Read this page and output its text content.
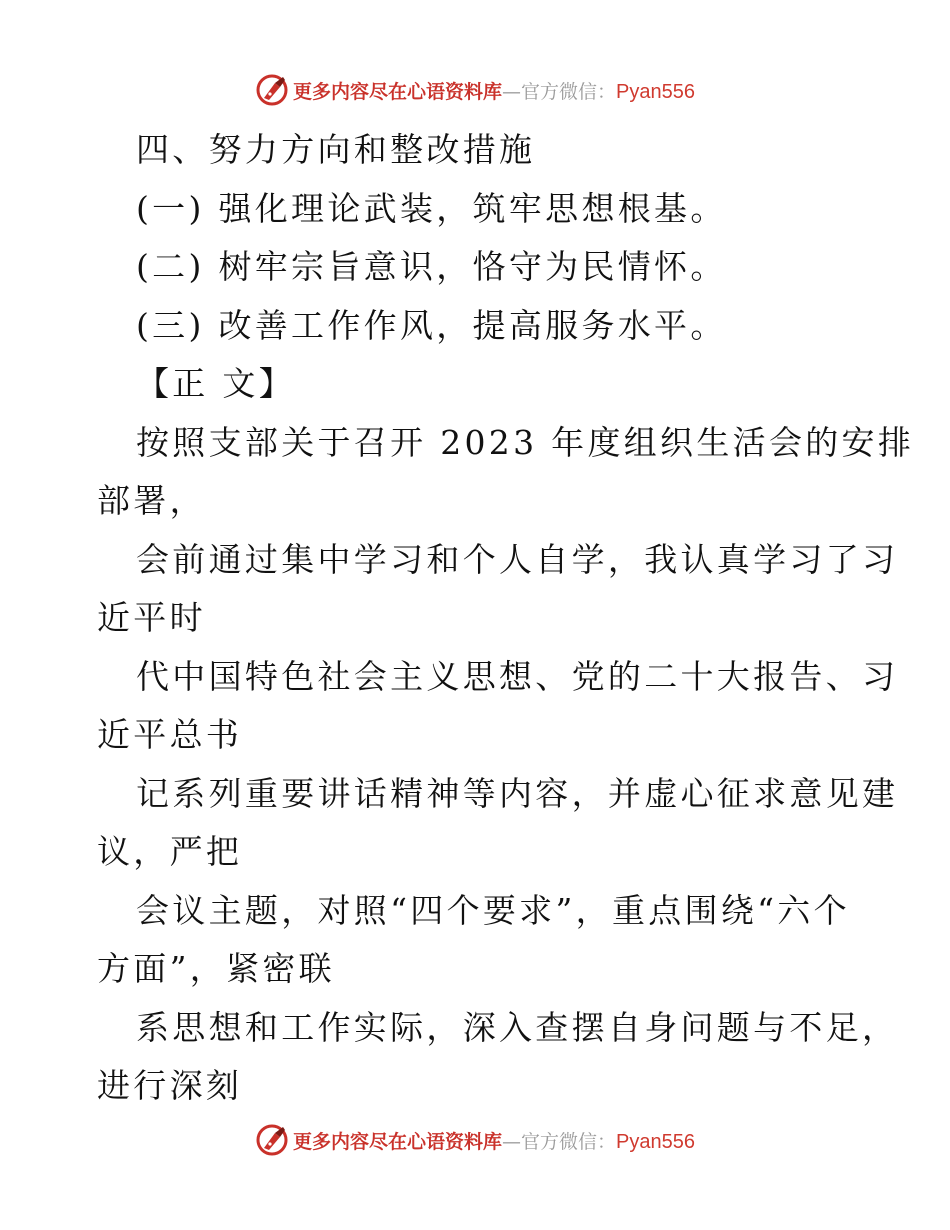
更多内容尽在心语资料库—官方微信：Pyan556
四、努力方向和整改措施
(一) 强化理论武装，筑牢思想根基。
(二) 树牢宗旨意识，恪守为民情怀。
(三) 改善工作作风，提高服务水平。
【正 文】
按照支部关于召开 2023 年度组织生活会的安排
部署，
会前通过集中学习和个人自学，我认真学习了习
近平时
代中国特色社会主义思想、党的二十大报告、习
近平总书
记系列重要讲话精神等内容，并虚心征求意见建
议，严把
会议主题，对照“四个要求”，重点围绕“六个
方面”，紧密联
系思想和工作实际，深入查摆自身问题与不足，
进行深刻
更多内容尽在心语资料库—官方微信：Pyan556
